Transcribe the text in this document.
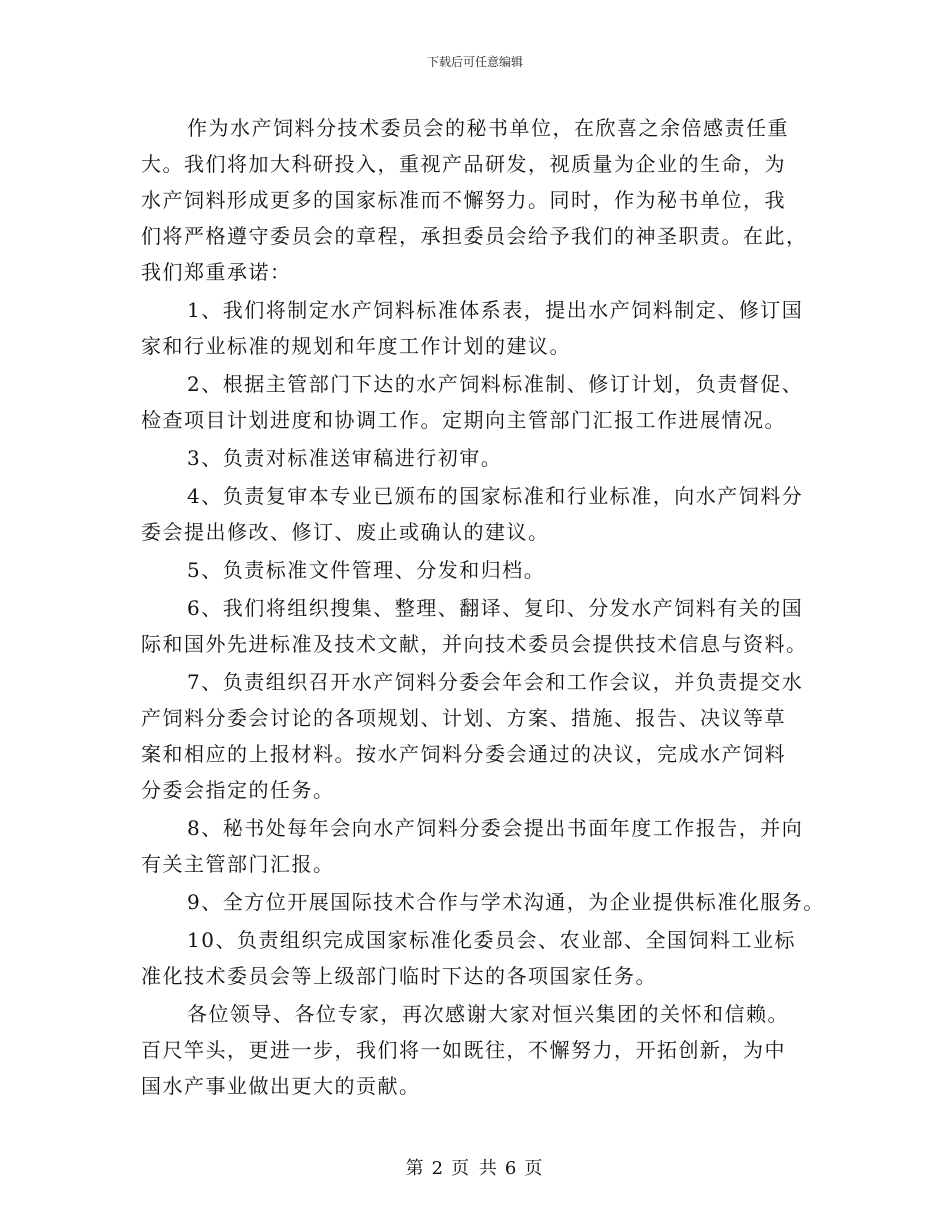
下载后可任意编辑
作为水产饲料分技术委员会的秘书单位，在欣喜之余倍感责任重
大。我们将加大科研投入，重视产品研发，视质量为企业的生命，为
水产饲料形成更多的国家标准而不懈努力。同时，作为秘书单位，我
们将严格遵守委员会的章程，承担委员会给予我们的神圣职责。在此，
我们郑重承诺：
1、我们将制定水产饲料标准体系表，提出水产饲料制定、修订国
家和行业标准的规划和年度工作计划的建议。
2、根据主管部门下达的水产饲料标准制、修订计划，负责督促、
检查项目计划进度和协调工作。定期向主管部门汇报工作进展情况。
3、负责对标准送审稿进行初审。
4、负责复审本专业已颁布的国家标准和行业标准，向水产饲料分
委会提出修改、修订、废止或确认的建议。
5、负责标准文件管理、分发和归档。
6、我们将组织搜集、整理、翻译、复印、分发水产饲料有关的国
际和国外先进标准及技术文献，并向技术委员会提供技术信息与资料。
7、负责组织召开水产饲料分委会年会和工作会议，并负责提交水
产饲料分委会讨论的各项规划、计划、方案、措施、报告、决议等草
案和相应的上报材料。按水产饲料分委会通过的决议，完成水产饲料
分委会指定的任务。
8、秘书处每年会向水产饲料分委会提出书面年度工作报告，并向
有关主管部门汇报。
9、全方位开展国际技术合作与学术沟通，为企业提供标准化服务。
10、负责组织完成国家标准化委员会、农业部、全国饲料工业标
准化技术委员会等上级部门临时下达的各项国家任务。
各位领导、各位专家，再次感谢大家对恒兴集团的关怀和信赖。
百尺竿头，更进一步，我们将一如既往，不懈努力，开拓创新，为中
国水产事业做出更大的贡献。
第 2 页 共 6 页
